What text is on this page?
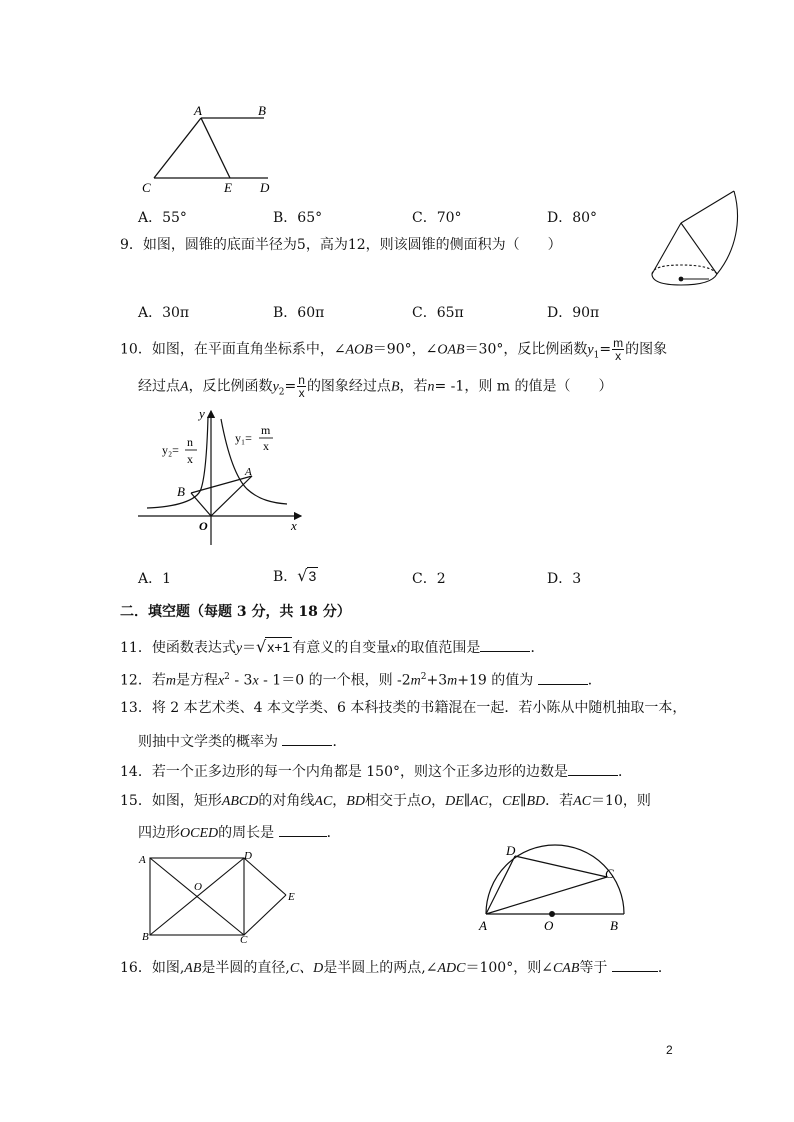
A	B
C	E D
A．55°	B．65°	C．70°	D．80°
9．如图，圆锥的底面半径为5，高为12，则该圆锥的侧面积为（　　）
A．30π	B．60π	C．65π	D．90π
10．如图，在平面直角坐标系中，∠AOB＝90°，∠OAB＝30°，反比例函数$y_1= \frac{m}{x}$ 的图象
经过点A，反比例函数$y_2= \frac{n}{x}$ 的图象经过点B，若n= -1，则 m 的值是（　　）
y
x
O
A
B
y₁=
m
x
y₂=
n
x
A．1	B．√3	C．2	D．3
二．填空题（每题 3 分，共 18 分）
11．使函数表达式y＝√x+1 有意义的自变量x的取值范围是	．
12．若m是方程$x^2 - 3x - 1=0$ 的一个根，则 $-2m^2+3m+19$ 的值为	．
13．将 2 本艺术类、4 本文学类、6 本科技类的书籍混在一起．若小陈从中随机抽取一本，
则抽中文学类的概率为	．
14．若一个正多边形的每一个内角都是 150°，则这个正多边形的边数是	．
15．如图，矩形ABCD的对角线AC，BD相交于点O，DE∥AC，CE∥BD．若AC＝10，则
四边形OCED的周长是	．
A	D
O
E
B	C
D
C
A	O	B
16．如图,AB是半圆的直径,C、D是半圆上的两点,∠ADC＝100°，则∠CAB等于	．
2
